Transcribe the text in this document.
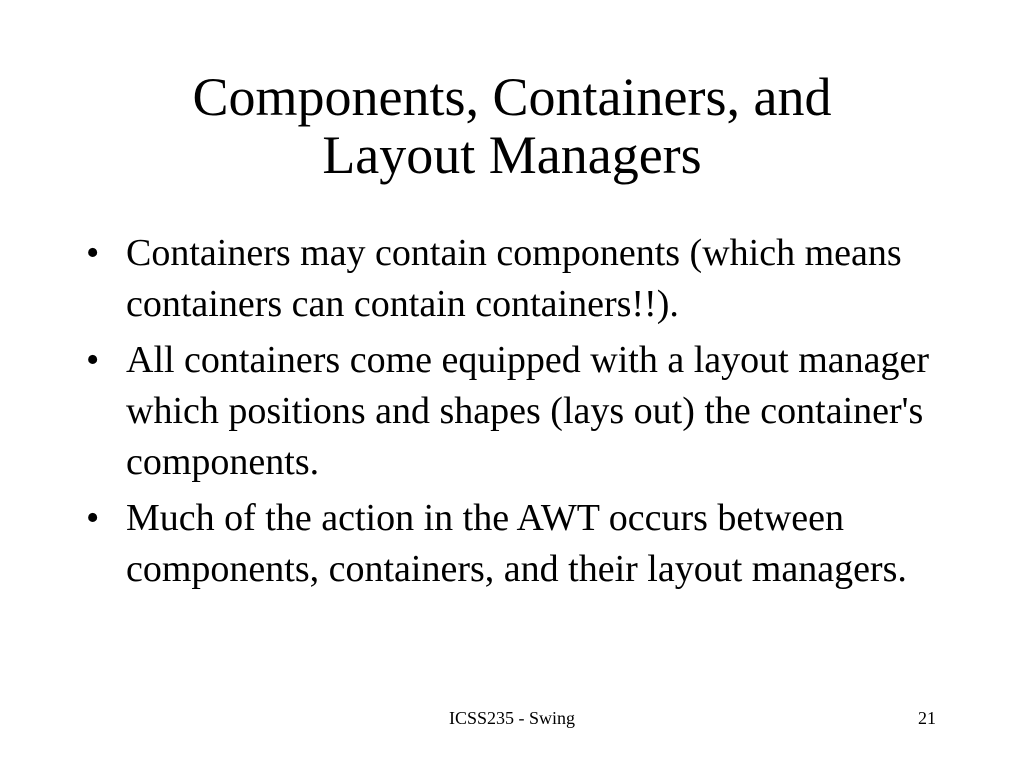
Components, Containers, and
Layout Managers
• Containers may contain components (which means containers can contain containers!!).
• All containers come equipped with a layout manager which positions and shapes (lays out) the container's components.
• Much of the action in the AWT occurs between components, containers, and their layout managers.
ICSS235 - Swing	21
